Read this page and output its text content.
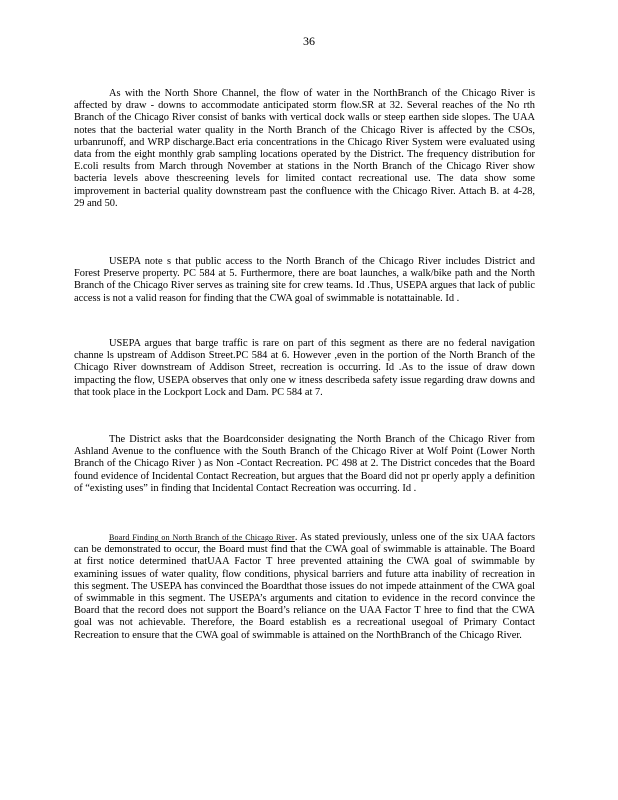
36

As with the North Shore Channel, the flow of water in the NorthBranch of the Chicago River is affected by draw - downs to accommodate anticipated storm flow.SR at 32. Several reaches of the No rth Branch of the Chicago River consist of banks with vertical dock walls or steep earthen side slopes. The UAA notes that the bacterial water quality in the North Branch of the Chicago River is affected by the CSOs, urbanrunoff, and WRP discharge.Bact eria concentrations in the Chicago River System were evaluated using data from the eight monthly grab sampling locations operated by the District. The frequency distribution for E.coli results from March through November at stations in the North Branch of the Chicago River show bacteria levels above thescreening levels for limited contact recreational use. The data show some improvement in bacterial quality downstream past the confluence with the Chicago River. Attach B. at 4-28, 29 and 50.

USEPA note s that public access to the North Branch of the Chicago River includes District and Forest Preserve property. PC 584 at 5. Furthermore, there are boat launches, a walk/bike path and the North Branch of the Chicago River serves as training site for crew teams. Id .Thus, USEPA argues that lack of public access is not a valid reason for finding that the CWA goal of swimmable is notattainable. Id .

USEPA argues that barge traffic is rare on part of this segment as there are no federal navigation channe ls upstream of Addison Street.PC 584 at 6. However ,even in the portion of the North Branch of the Chicago River downstream of Addison Street, recreation is occurring. Id .As to the issue of draw down impacting the flow, USEPA observes that only one w itness describeda safety issue regarding draw downs and that took place in the Lockport Lock and Dam. PC 584 at 7.

The District asks that the Boardconsider designating the North Branch of the Chicago River from Ashland Avenue to the confluence with the South Branch of the Chicago River at Wolf Point (Lower North Branch of the Chicago River ) as Non -Contact Recreation. PC 498 at 2. The District concedes that the Board found evidence of Incidental Contact Recreation, but argues that the Board did not pr operly apply a definition of “existing uses” in finding that Incidental Contact Recreation was occurring. Id .

Board Finding on North Branch of the Chicago River. As stated previously, unless one of the six UAA factors can be demonstrated to occur, the Board must find that the CWA goal of swimmable is attainable. The Board at first notice determined thatUAA Factor T hree prevented attaining the CWA goal of swimmable by examining issues of water quality, flow conditions, physical barriers and future atta inability of recreation in this segment. The USEPA has convinced the Boardthat those issues do not impede attainment of the CWA goal of swimmable in this segment. The USEPA’s arguments and citation to evidence in the record convince the Board that the record does not support the Board’s reliance on the UAA Factor T hree to find that the CWA goal was not achievable. Therefore, the Board establish es a recreational usegoal of Primary Contact Recreation to ensure that the CWA goal of swimmable is attained on the NorthBranch of the Chicago River.
